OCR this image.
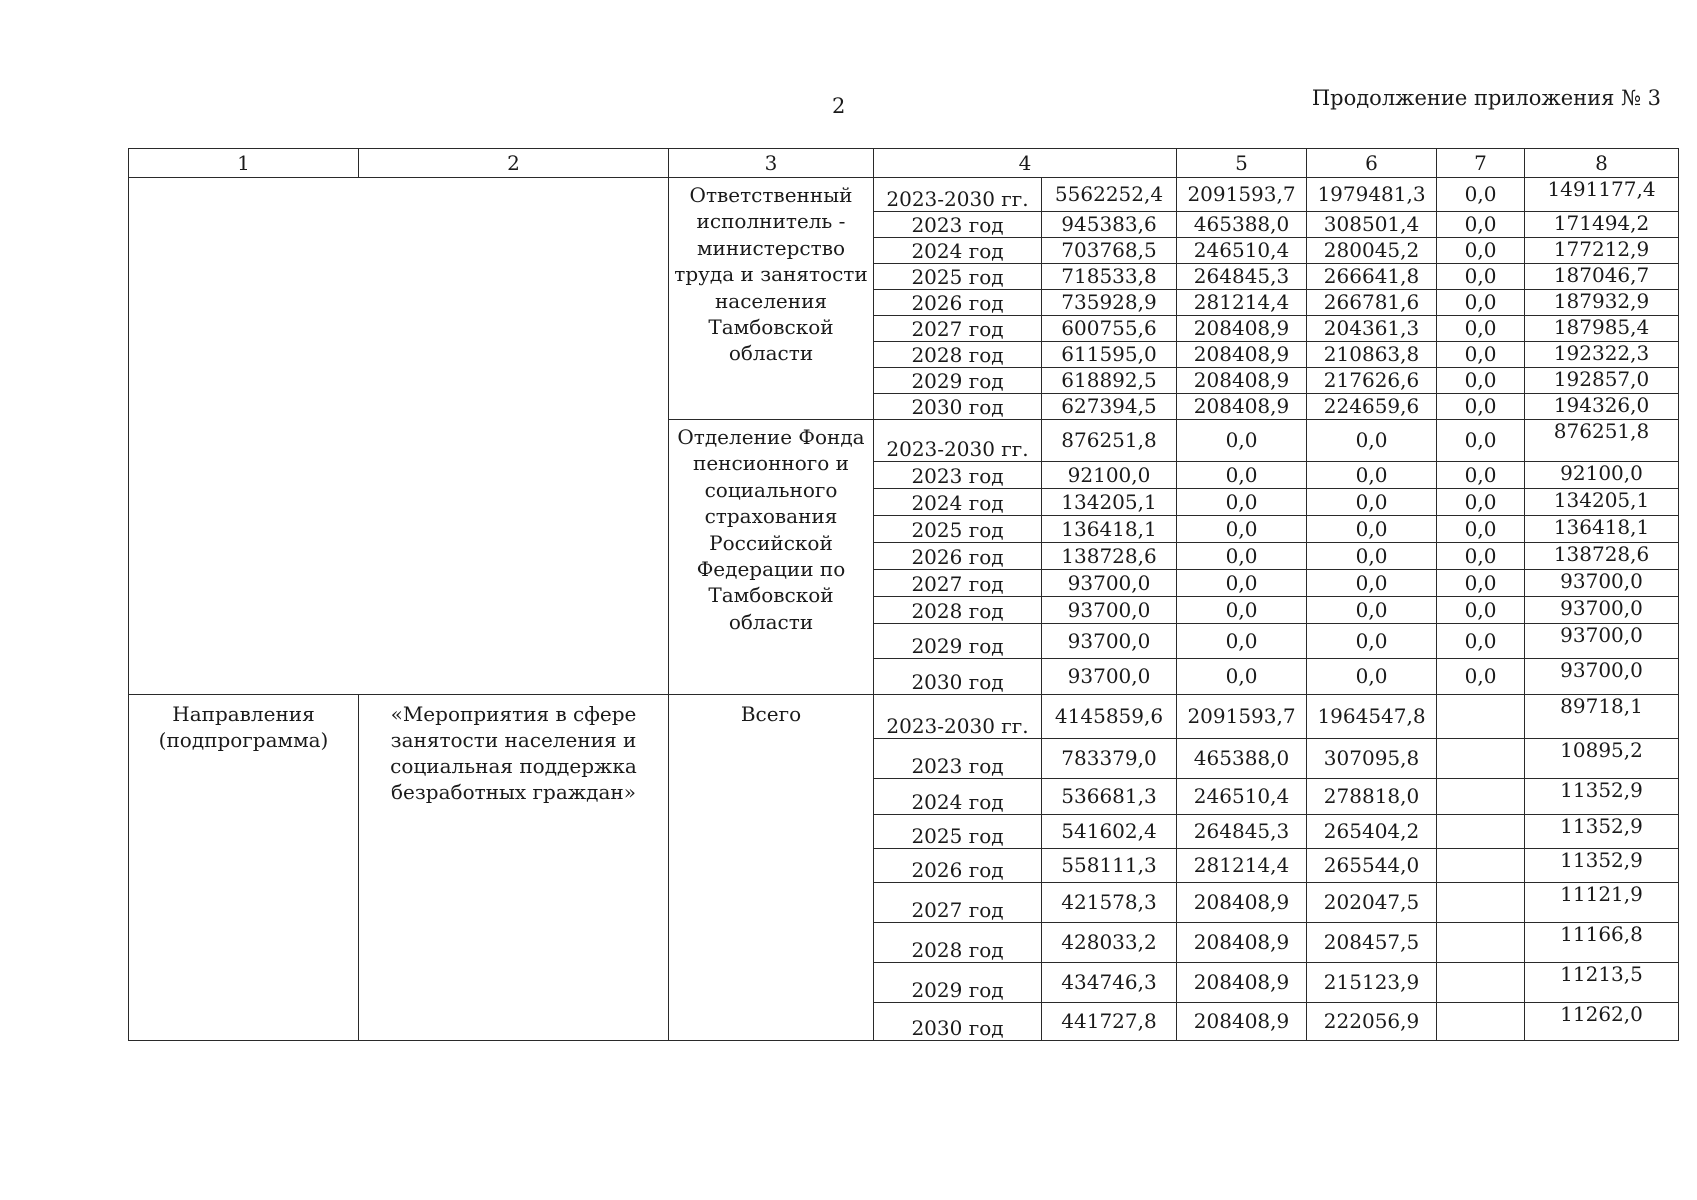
2	Продолжение приложения № 3
1	2	3	4		5	6	7	8
		Ответственный исполнитель - министерство труда и занятости населения Тамбовской области	2023-2030 гг.	5562252,4	2091593,7	1979481,3	0,0	1491177,4
			2023 год	945383,6	465388,0	308501,4	0,0	171494,2
			2024 год	703768,5	246510,4	280045,2	0,0	177212,9
			2025 год	718533,8	264845,3	266641,8	0,0	187046,7
			2026 год	735928,9	281214,4	266781,6	0,0	187932,9
			2027 год	600755,6	208408,9	204361,3	0,0	187985,4
			2028 год	611595,0	208408,9	210863,8	0,0	192322,3
			2029 год	618892,5	208408,9	217626,6	0,0	192857,0
			2030 год	627394,5	208408,9	224659,6	0,0	194326,0
		Отделение Фонда пенсионного и социального страхования Российской Федерации по Тамбовской области	2023-2030 гг.	876251,8	0,0	0,0	0,0	876251,8
			2023 год	92100,0	0,0	0,0	0,0	92100,0
			2024 год	134205,1	0,0	0,0	0,0	134205,1
			2025 год	136418,1	0,0	0,0	0,0	136418,1
			2026 год	138728,6	0,0	0,0	0,0	138728,6
			2027 год	93700,0	0,0	0,0	0,0	93700,0
			2028 год	93700,0	0,0	0,0	0,0	93700,0
			2029 год	93700,0	0,0	0,0	0,0	93700,0
			2030 год	93700,0	0,0	0,0	0,0	93700,0
Направления (подпрограмма)	«Мероприятия в сфере занятости населения и социальная поддержка безработных граждан»	Всего	2023-2030 гг.	4145859,6	2091593,7	1964547,8		89718,1
			2023 год	783379,0	465388,0	307095,8		10895,2
			2024 год	536681,3	246510,4	278818,0		11352,9
			2025 год	541602,4	264845,3	265404,2		11352,9
			2026 год	558111,3	281214,4	265544,0		11352,9
			2027 год	421578,3	208408,9	202047,5		11121,9
			2028 год	428033,2	208408,9	208457,5		11166,8
			2029 год	434746,3	208408,9	215123,9		11213,5
			2030 год	441727,8	208408,9	222056,9		11262,0
